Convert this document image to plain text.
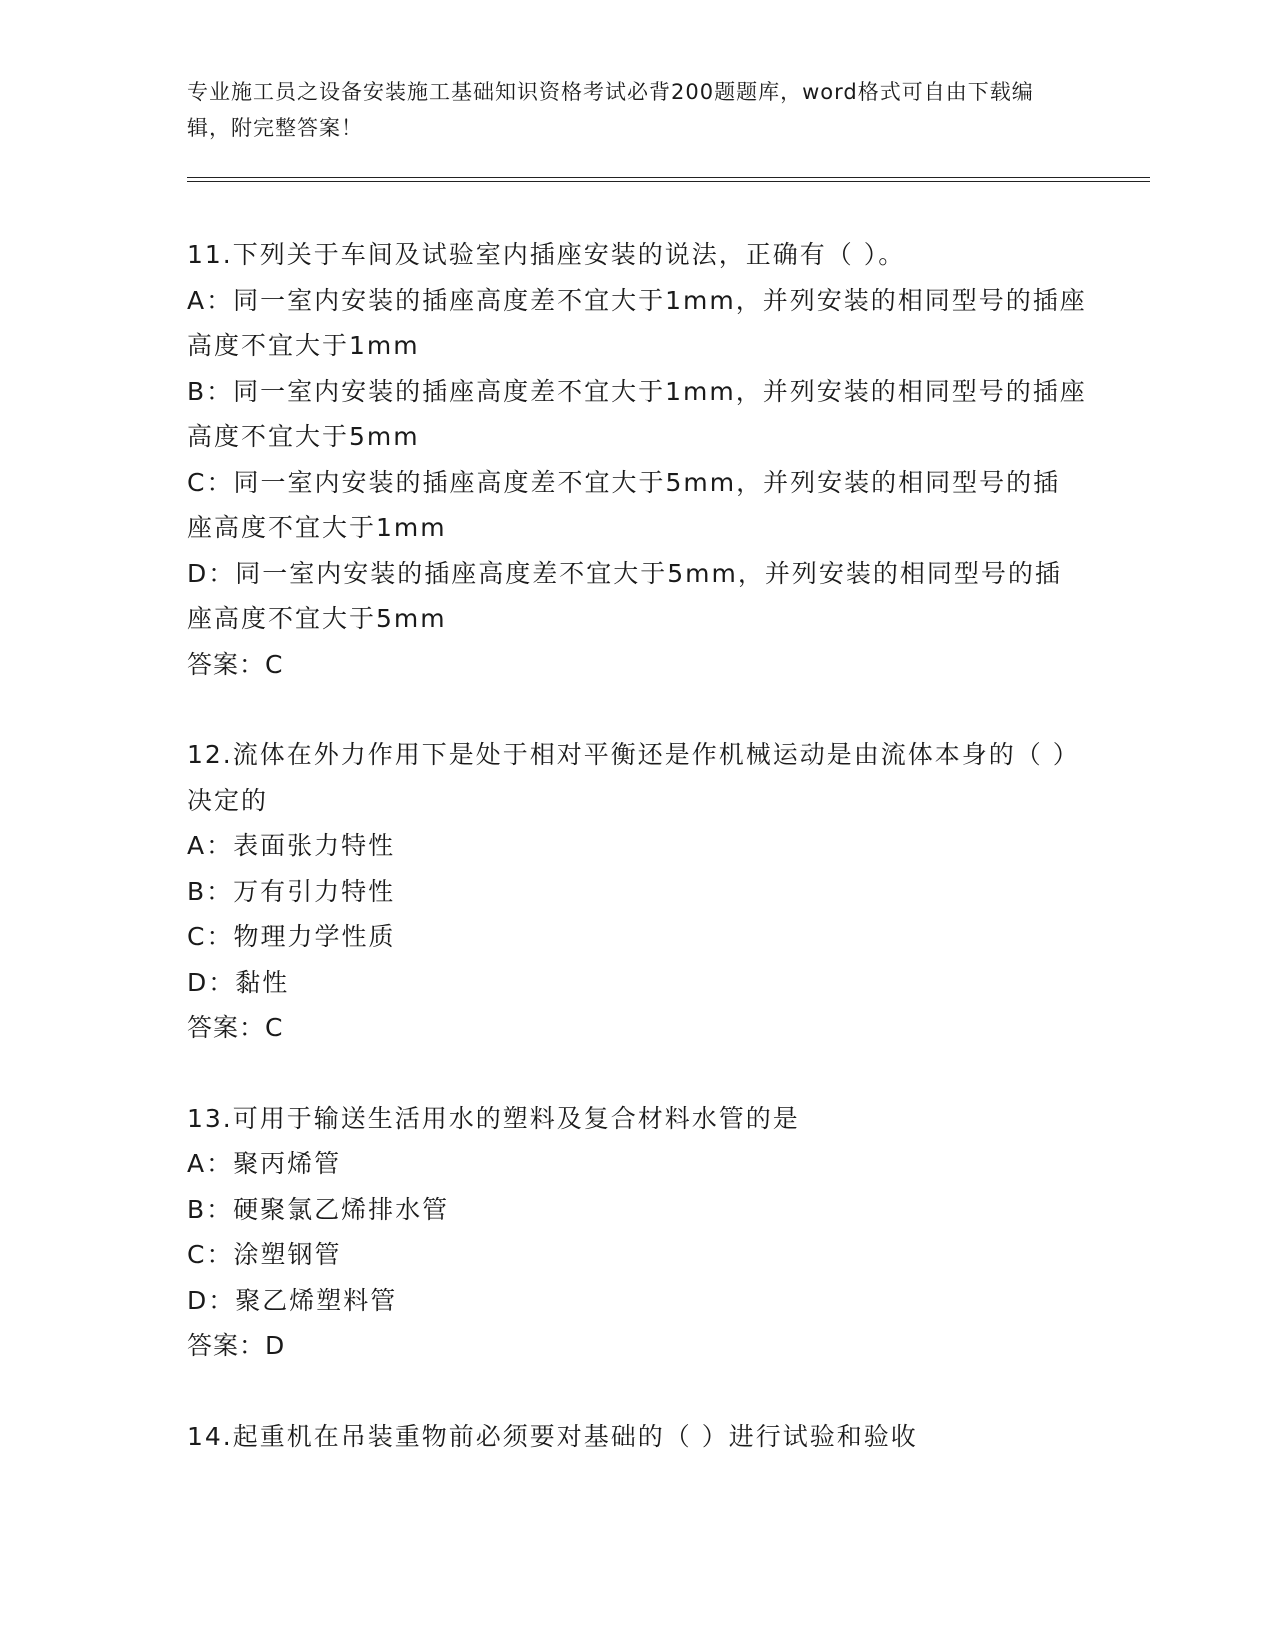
专业施工员之设备安装施工基础知识资格考试必背200题题库，word格式可自由下载编辑，附完整答案！

11.下列关于车间及试验室内插座安装的说法，正确有（ ）。

A：同一室内安装的插座高度差不宜大于1mm，并列安装的相同型号的插座高度不宜大于1mm

B：同一室内安装的插座高度差不宜大于1mm，并列安装的相同型号的插座高度不宜大于5mm

C：同一室内安装的插座高度差不宜大于5mm，并列安装的相同型号的插座高度不宜大于1mm

D：同一室内安装的插座高度差不宜大于5mm，并列安装的相同型号的插座高度不宜大于5mm

答案：C

12.流体在外力作用下是处于相对平衡还是作机械运动是由流体本身的（ ）决定的

A：表面张力特性

B：万有引力特性

C：物理力学性质

D：黏性

答案：C

13.可用于输送生活用水的塑料及复合材料水管的是

A：聚丙烯管

B：硬聚氯乙烯排水管

C：涂塑钢管

D：聚乙烯塑料管

答案：D

14.起重机在吊装重物前必须要对基础的（ ）进行试验和验收
